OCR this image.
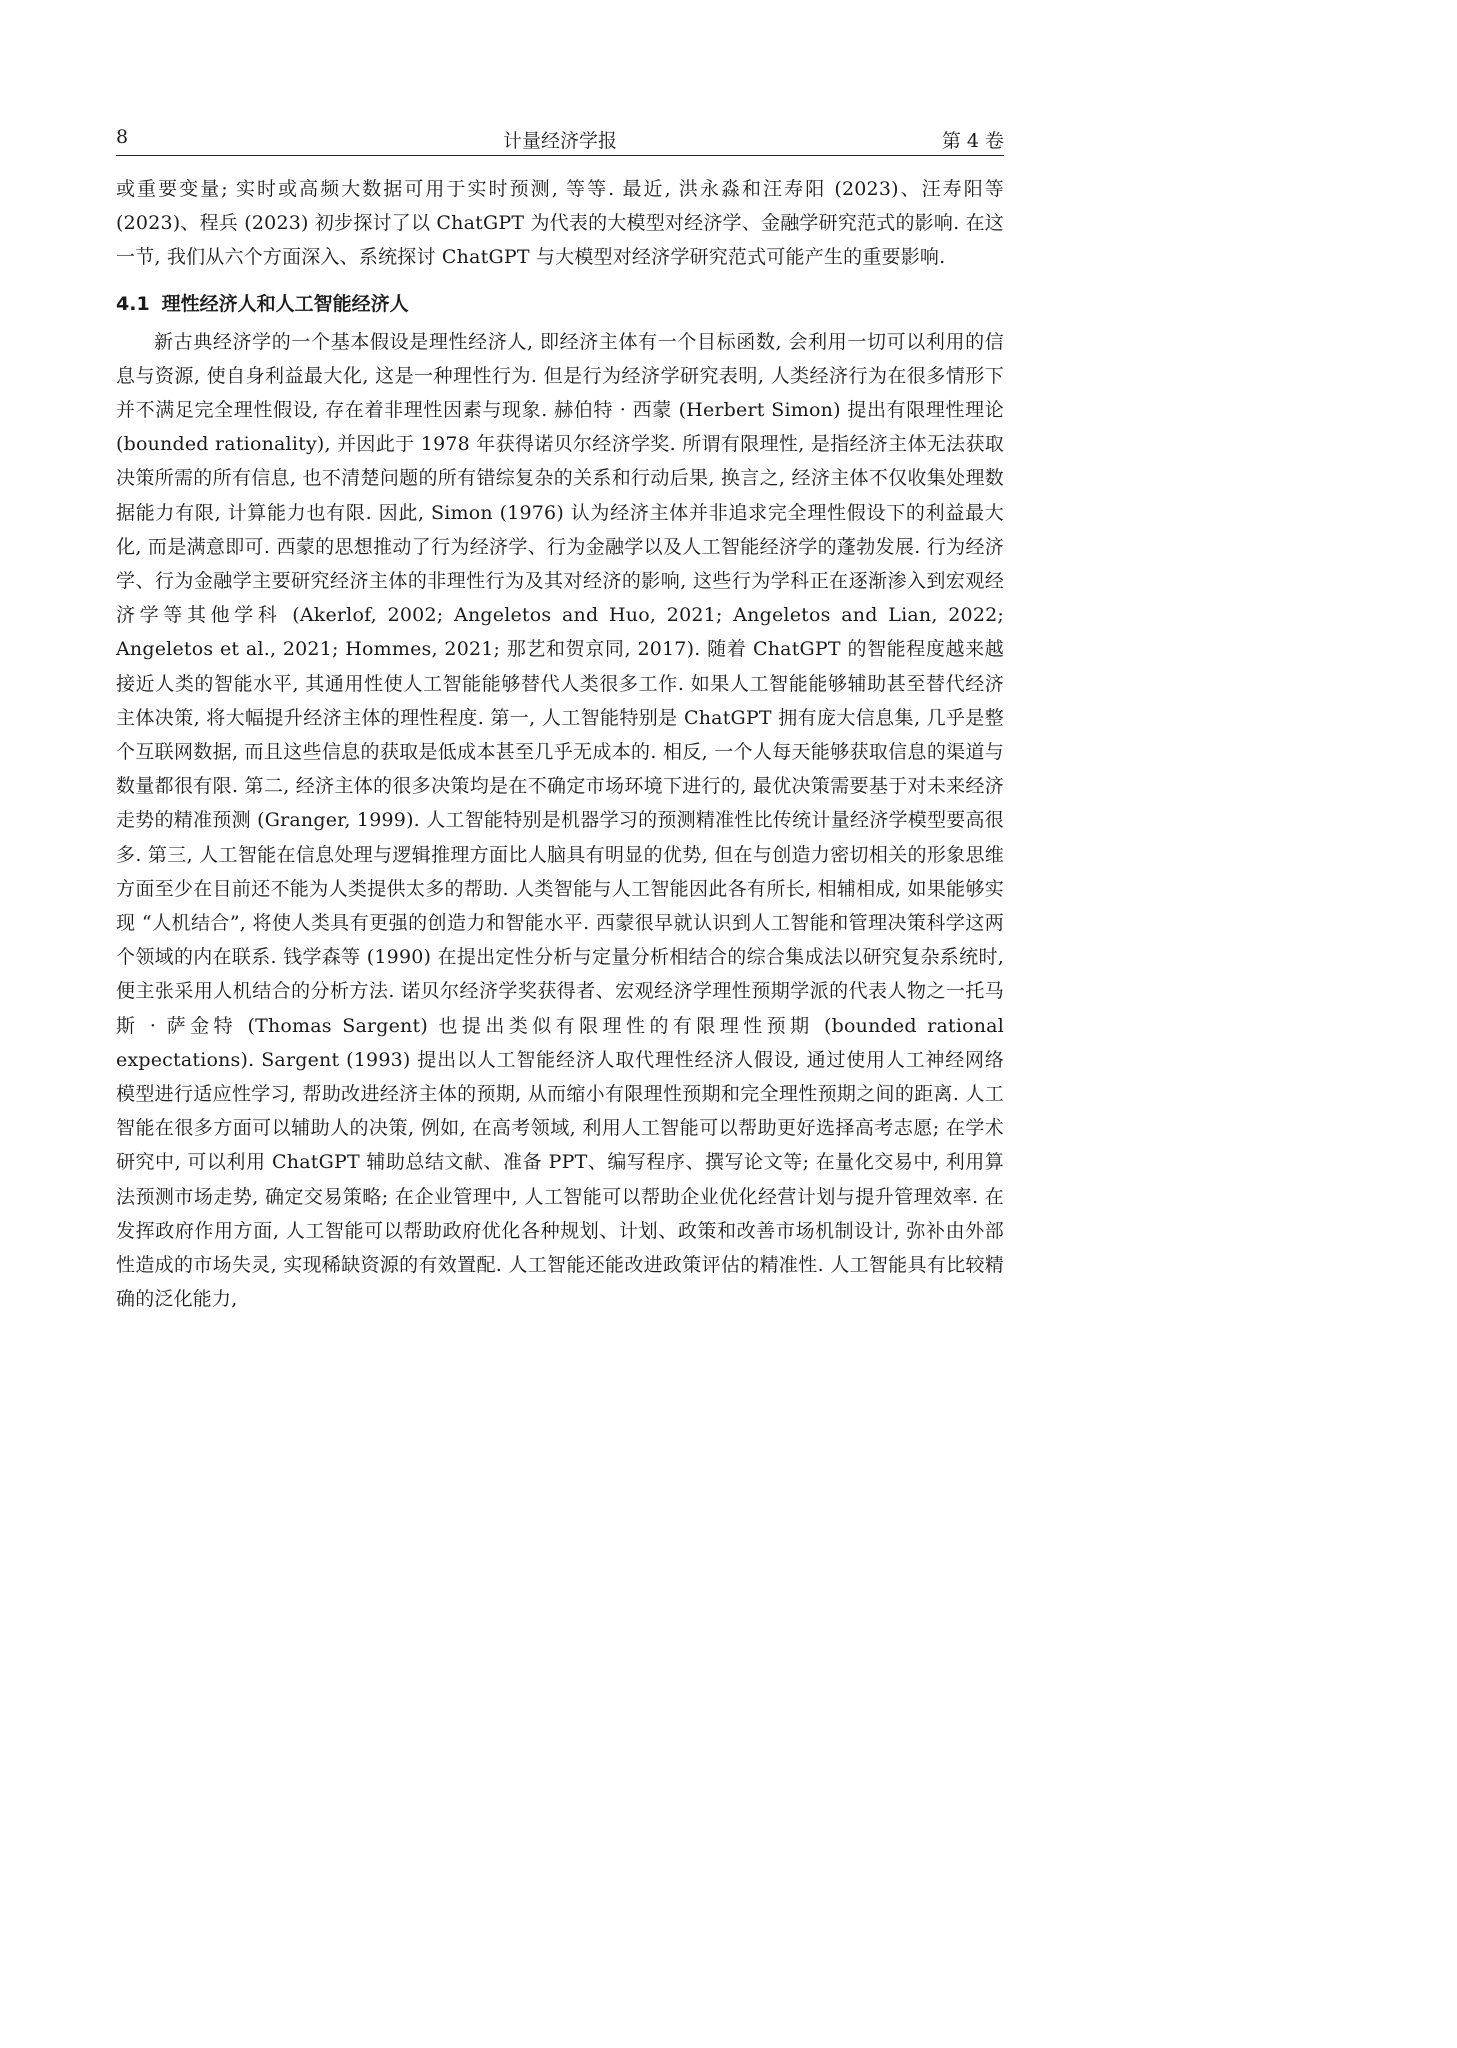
8	计量经济学报	第 4 卷

或重要变量; 实时或高频大数据可用于实时预测, 等等. 最近, 洪永淼和汪寿阳 (2023)、汪寿阳等 (2023)、程兵 (2023) 初步探讨了以 ChatGPT 为代表的大模型对经济学、金融学研究范式的影响. 在这一节, 我们从六个方面深入、系统探讨 ChatGPT 与大模型对经济学研究范式可能产生的重要影响.

4.1 理性经济人和人工智能经济人

新古典经济学的一个基本假设是理性经济人, 即经济主体有一个目标函数, 会利用一切可以利用的信息与资源, 使自身利益最大化, 这是一种理性行为. 但是行为经济学研究表明, 人类经济行为在很多情形下并不满足完全理性假设, 存在着非理性因素与现象. 赫伯特 · 西蒙 (Herbert Simon) 提出有限理性理论 (bounded rationality), 并因此于 1978 年获得诺贝尔经济学奖. 所谓有限理性, 是指经济主体无法获取决策所需的所有信息, 也不清楚问题的所有错综复杂的关系和行动后果, 换言之, 经济主体不仅收集处理数据能力有限, 计算能力也有限. 因此, Simon (1976) 认为经济主体并非追求完全理性假设下的利益最大化, 而是满意即可. 西蒙的思想推动了行为经济学、行为金融学以及人工智能经济学的蓬勃发展. 行为经济学、行为金融学主要研究经济主体的非理性行为及其对经济的影响, 这些行为学科正在逐渐渗入到宏观经济学等其他学科 (Akerlof, 2002; Angeletos and Huo, 2021; Angeletos and Lian, 2022; Angeletos et al., 2021; Hommes, 2021; 那艺和贺京同, 2017). 随着 ChatGPT 的智能程度越来越接近人类的智能水平, 其通用性使人工智能能够替代人类很多工作. 如果人工智能能够辅助甚至替代经济主体决策, 将大幅提升经济主体的理性程度. 第一, 人工智能特别是 ChatGPT 拥有庞大信息集, 几乎是整个互联网数据, 而且这些信息的获取是低成本甚至几乎无成本的. 相反, 一个人每天能够获取信息的渠道与数量都很有限. 第二, 经济主体的很多决策均是在不确定市场环境下进行的, 最优决策需要基于对未来经济走势的精准预测 (Granger, 1999). 人工智能特别是机器学习的预测精准性比传统计量经济学模型要高很多. 第三, 人工智能在信息处理与逻辑推理方面比人脑具有明显的优势, 但在与创造力密切相关的形象思维方面至少在目前还不能为人类提供太多的帮助. 人类智能与人工智能因此各有所长, 相辅相成, 如果能够实现 “人机结合”, 将使人类具有更强的创造力和智能水平. 西蒙很早就认识到人工智能和管理决策科学这两个领域的内在联系. 钱学森等 (1990) 在提出定性分析与定量分析相结合的综合集成法以研究复杂系统时, 便主张采用人机结合的分析方法. 诺贝尔经济学奖获得者、宏观经济学理性预期学派的代表人物之一托马斯 · 萨金特 (Thomas Sargent) 也提出类似有限理性的有限理性预期 (bounded rational expectations). Sargent (1993) 提出以人工智能经济人取代理性经济人假设, 通过使用人工神经网络模型进行适应性学习, 帮助改进经济主体的预期, 从而缩小有限理性预期和完全理性预期之间的距离. 人工智能在很多方面可以辅助人的决策, 例如, 在高考领域, 利用人工智能可以帮助更好选择高考志愿; 在学术研究中, 可以利用 ChatGPT 辅助总结文献、准备 PPT、编写程序、撰写论文等; 在量化交易中, 利用算法预测市场走势, 确定交易策略; 在企业管理中, 人工智能可以帮助企业优化经营计划与提升管理效率. 在发挥政府作用方面, 人工智能可以帮助政府优化各种规划、计划、政策和改善市场机制设计, 弥补由外部性造成的市场失灵, 实现稀缺资源的有效置配. 人工智能还能改进政策评估的精准性. 人工智能具有比较精确的泛化能力,
